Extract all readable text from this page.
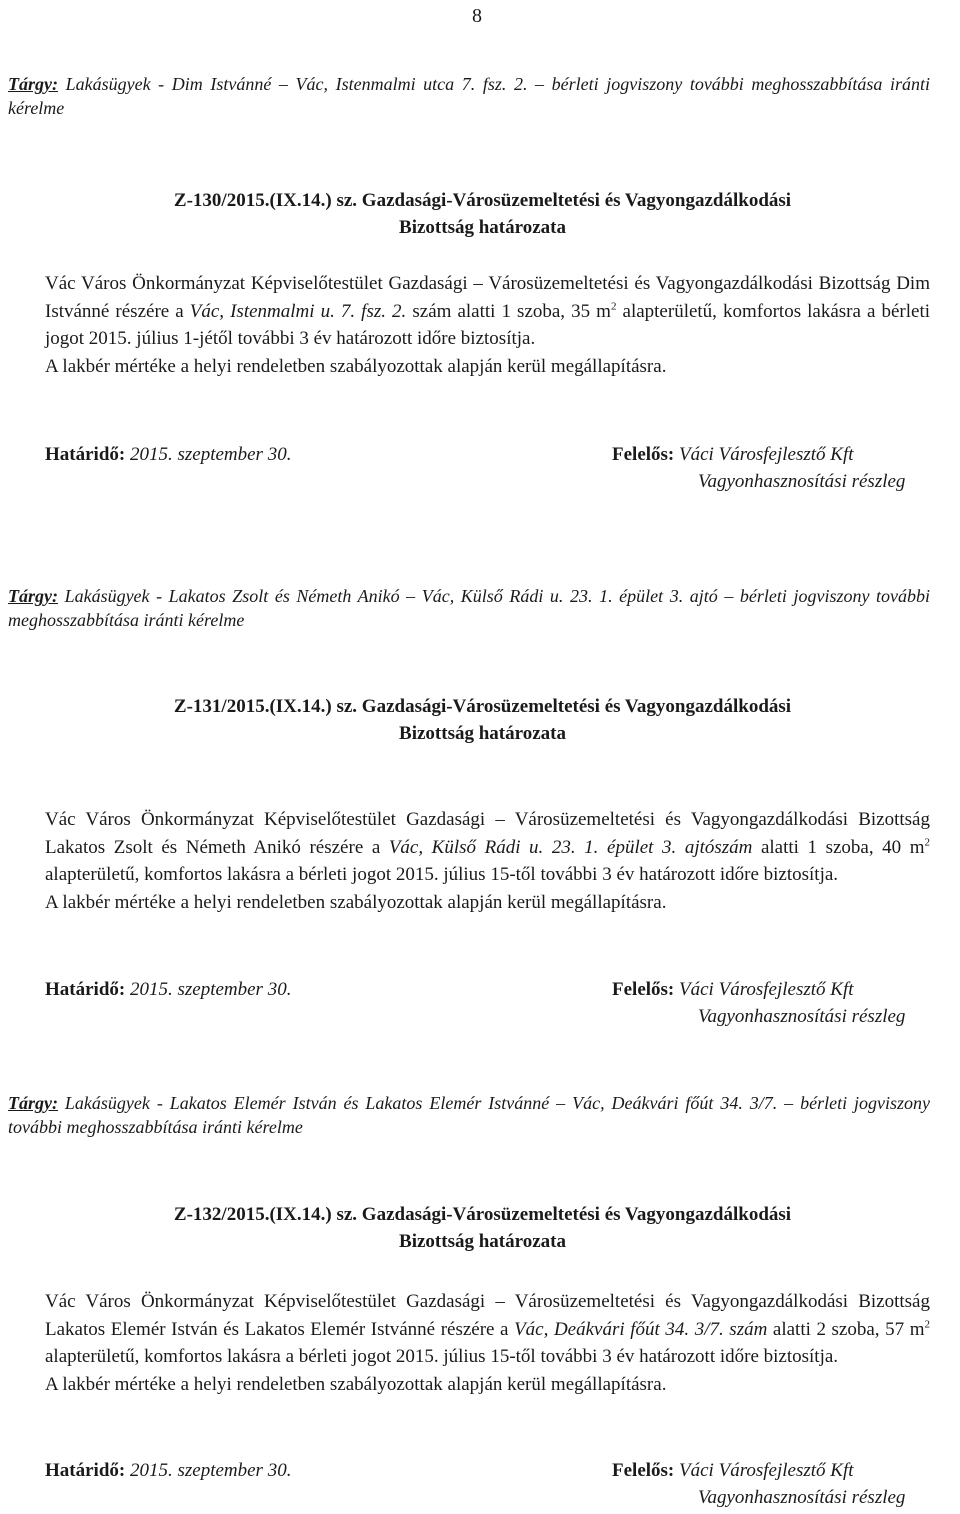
8
Tárgy: Lakásügyek - Dim Istvánné – Vác, Istenmalmi utca 7. fsz. 2. – bérleti jogviszony további meghosszabbítása iránti kérelme
Z-130/2015.(IX.14.) sz. Gazdasági-Városüzemeltetési és Vagyongazdálkodási
Bizottság határozata
Vác Város Önkormányzat Képviselőtestület Gazdasági – Városüzemeltetési és Vagyongazdálkodási Bizottság Dim Istvánné részére a Vác, Istenmalmi u. 7. fsz. 2. szám alatti 1 szoba, 35 $m^2$ alapterületű, komfortos lakásra a bérleti jogot 2015. július 1-jétől további 3 év határozott időre biztosítja.
A lakbér mértéke a helyi rendeletben szabályozottak alapján kerül megállapításra.
Határidő: 2015. szeptember 30.	Felelős: Váci Városfejlesztő Kft
Vagyonhasznosítási részleg
Tárgy: Lakásügyek - Lakatos Zsolt és Németh Anikó – Vác, Külső Rádi u. 23. 1. épület 3. ajtó – bérleti jogviszony további meghosszabbítása iránti kérelme
Z-131/2015.(IX.14.) sz. Gazdasági-Városüzemeltetési és Vagyongazdálkodási
Bizottság határozata
Vác Város Önkormányzat Képviselőtestület Gazdasági – Városüzemeltetési és Vagyongazdálkodási Bizottság Lakatos Zsolt és Németh Anikó részére a Vác, Külső Rádi u. 23. 1. épület 3. ajtószám alatti 1 szoba, 40 $m^2$ alapterületű, komfortos lakásra a bérleti jogot 2015. július 15-től további 3 év határozott időre biztosítja.
A lakbér mértéke a helyi rendeletben szabályozottak alapján kerül megállapításra.
Határidő: 2015. szeptember 30.	Felelős: Váci Városfejlesztő Kft
Vagyonhasznosítási részleg
Tárgy: Lakásügyek - Lakatos Elemér István és Lakatos Elemér Istvánné – Vác, Deákvári főút 34. 3/7. – bérleti jogviszony további meghosszabbítása iránti kérelme
Z-132/2015.(IX.14.) sz. Gazdasági-Városüzemeltetési és Vagyongazdálkodási
Bizottság határozata
Vác Város Önkormányzat Képviselőtestület Gazdasági – Városüzemeltetési és Vagyongazdálkodási Bizottság Lakatos Elemér István és Lakatos Elemér Istvánné részére a Vác, Deákvári főút 34. 3/7. szám alatti 2 szoba, 57 $m^2$ alapterületű, komfortos lakásra a bérleti jogot 2015. július 15-től további 3 év határozott időre biztosítja.
A lakbér mértéke a helyi rendeletben szabályozottak alapján kerül megállapításra.
Határidő: 2015. szeptember 30.	Felelős: Váci Városfejlesztő Kft
Vagyonhasznosítási részleg
